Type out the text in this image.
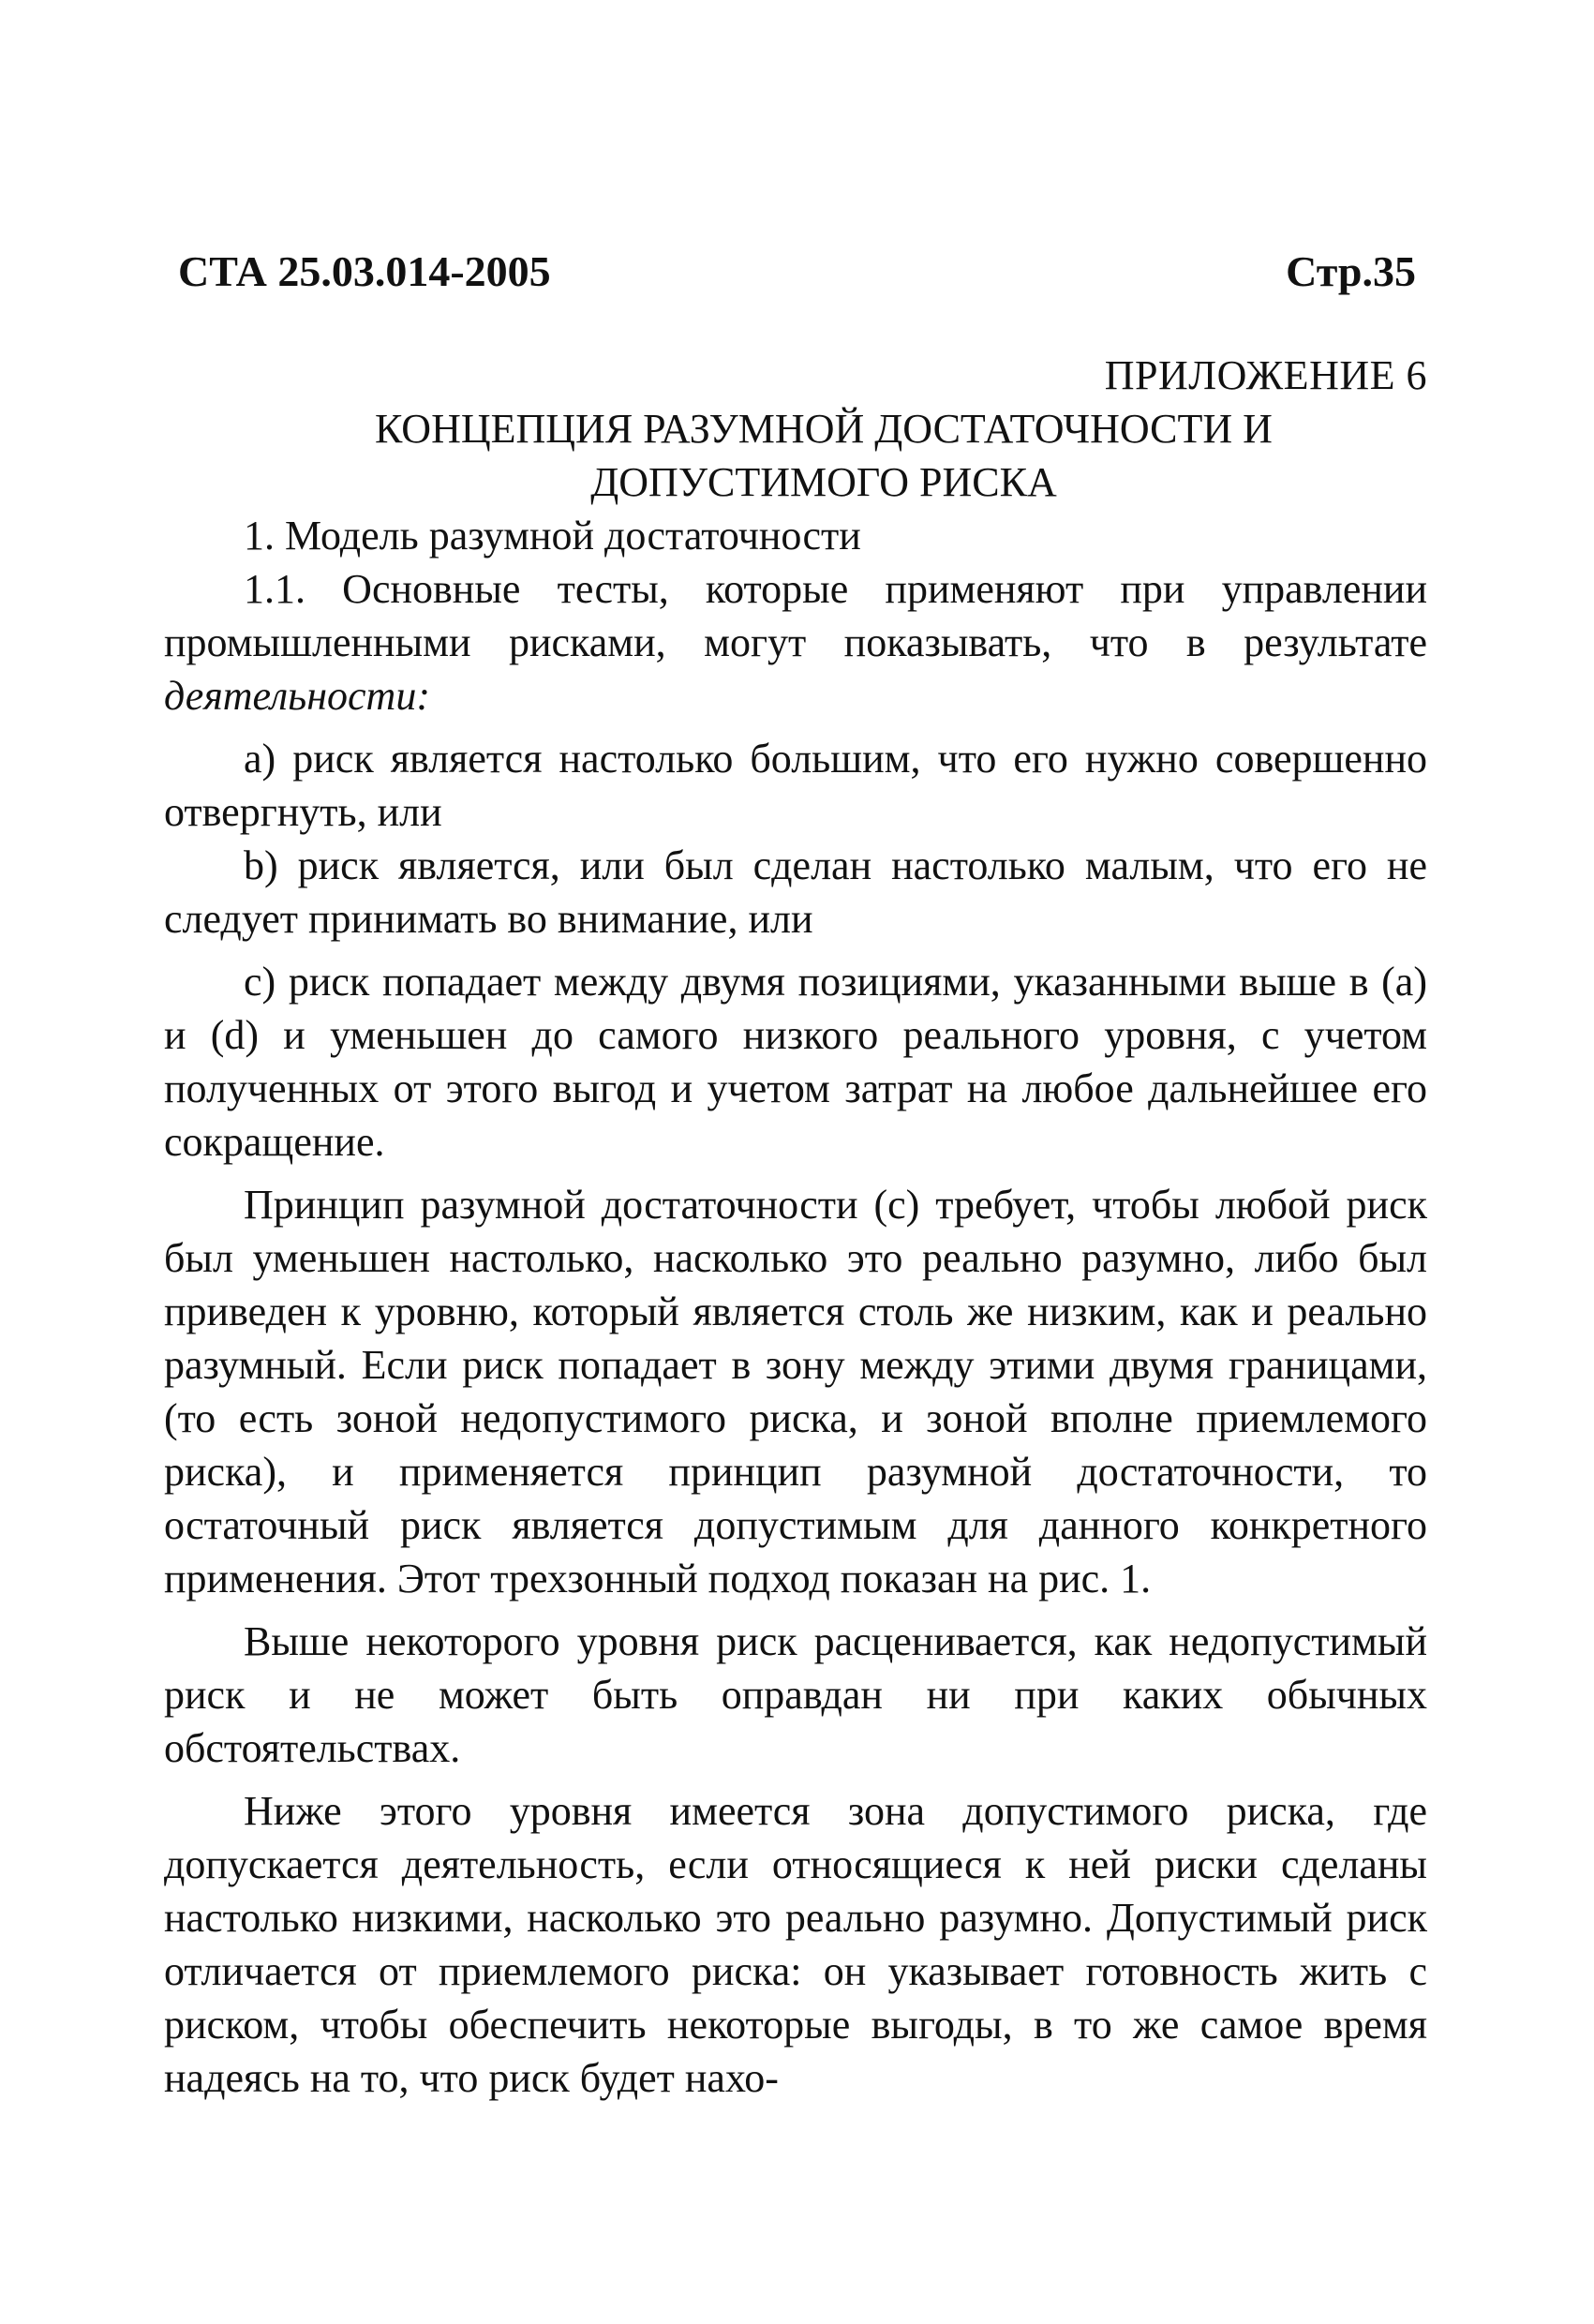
СТА 25.03.014-2005	Стр.35

ПРИЛОЖЕНИЕ 6

КОНЦЕПЦИЯ РАЗУМНОЙ ДОСТАТОЧНОСТИ И

ДОПУСТИМОГО РИСКА

1. Модель разумной достаточности

1.1. Основные тесты, которые применяют при управлении промышленными рисками, могут показывать, что в результате деятельности:

а) риск является настолько большим, что его нужно совершенно отвергнуть, или

b) риск является, или был сделан настолько малым, что его не следует принимать во внимание, или

с) риск попадает между двумя позициями, указанными выше в (а) и (d) и уменьшен до самого низкого реального уровня, с учетом полученных от этого выгод и учетом затрат на любое дальнейшее его сокращение.

Принцип разумной достаточности (с) требует, чтобы любой риск был уменьшен настолько, насколько это реально разумно, либо был приведен к уровню, который является столь же низким, как и реально разумный. Если риск попадает в зону между этими двумя границами, (то есть зоной недопустимого риска, и зоной вполне приемлемого риска), и применяется принцип разумной достаточности, то остаточный риск является допустимым для данного конкретного применения. Этот трехзонный подход показан на рис. 1.

Выше некоторого уровня риск расценивается, как недопустимый риск и не может быть оправдан ни при каких обычных обстоятельствах.

Ниже этого уровня имеется зона допустимого риска, где допускается деятельность, если относящиеся к ней риски сделаны настолько низкими, насколько это реально разумно. Допустимый риск отличается от приемлемого риска: он указывает готовность жить с риском, чтобы обеспечить некоторые выгоды, в то же самое время надеясь на то, что риск будет нахо-
